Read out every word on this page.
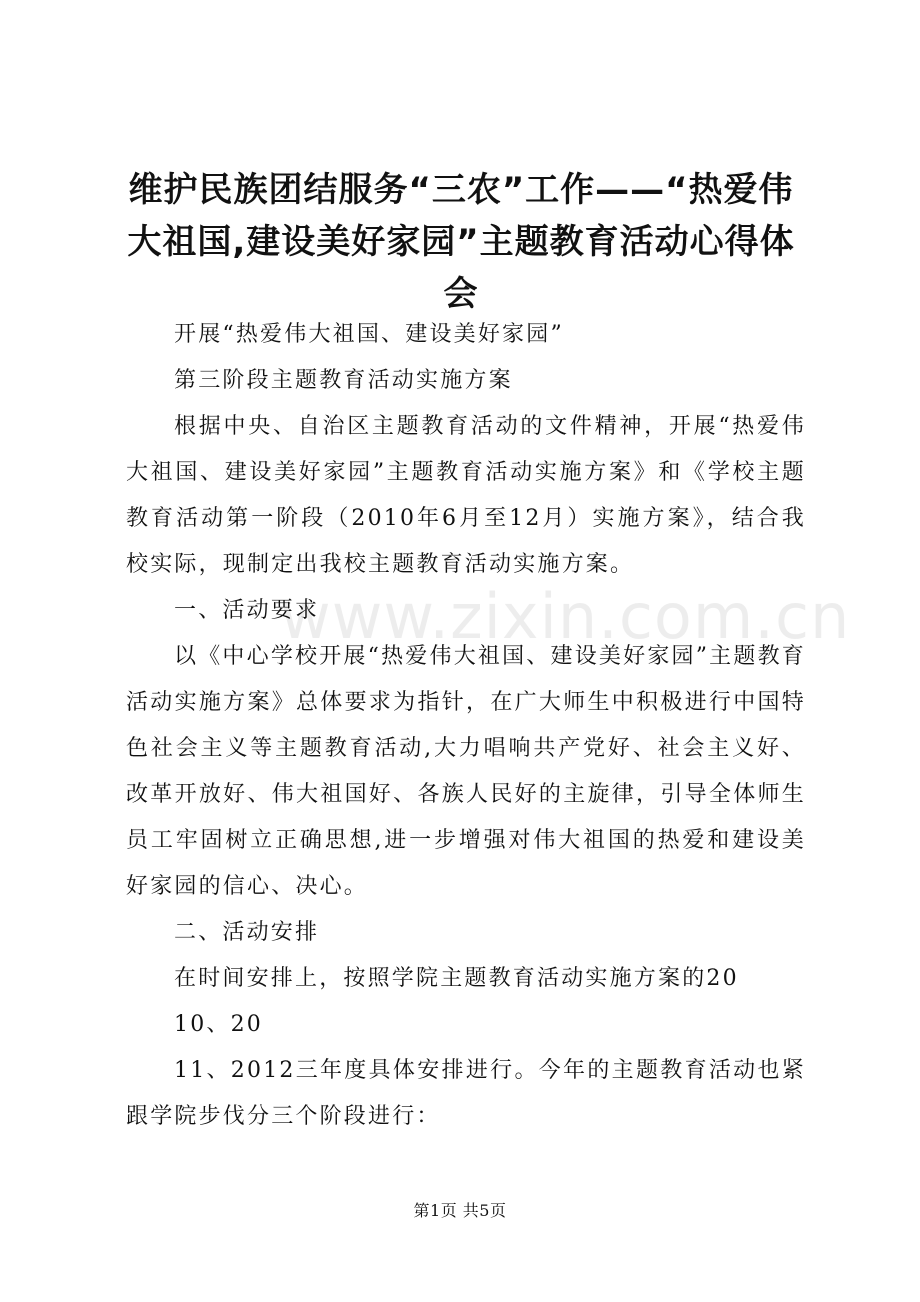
www.zixin.com.cn
维护民族团结服务“三农”工作——“热爱伟大祖国,建设美好家园”主题教育活动心得体会

开展“热爱伟大祖国、建设美好家园”

第三阶段主题教育活动实施方案

根据中央、自治区主题教育活动的文件精神，开展“热爱伟大祖国、建设美好家园”主题教育活动实施方案》和《学校主题教育活动第一阶段（2010年6月至12月）实施方案》，结合我校实际，现制定出我校主题教育活动实施方案。

一、活动要求

以《中心学校开展“热爱伟大祖国、建设美好家园”主题教育活动实施方案》总体要求为指针，在广大师生中积极进行中国特色社会主义等主题教育活动,大力唱响共产党好、社会主义好、改革开放好、伟大祖国好、各族人民好的主旋律，引导全体师生员工牢固树立正确思想,进一步增强对伟大祖国的热爱和建设美好家园的信心、决心。

二、活动安排

在时间安排上，按照学院主题教育活动实施方案的20

10、20

11、2012三年度具体安排进行。今年的主题教育活动也紧跟学院步伐分三个阶段进行：

第1页 共5页
